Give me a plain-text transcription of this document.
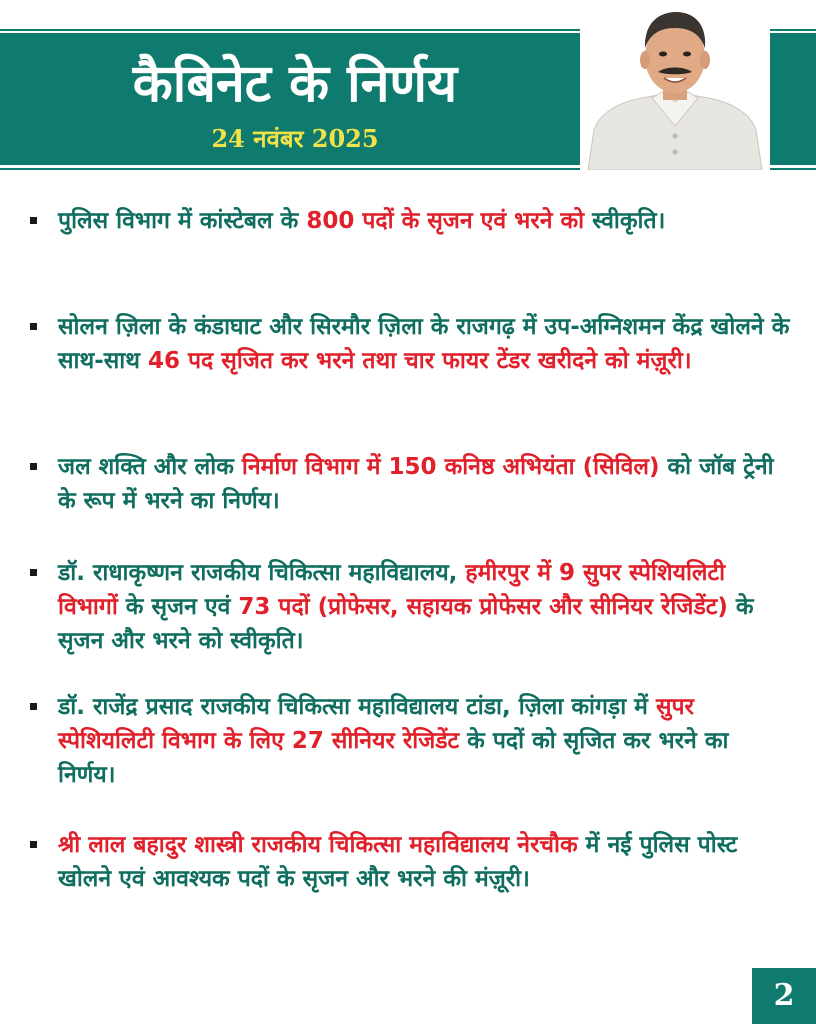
कैबिनेट के निर्णय
24 नवंबर 2025
पुलिस विभाग में कांस्टेबल के 800 पदों के सृजन एवं भरने को स्वीकृति।
सोलन ज़िला के कंडाघाट और सिरमौर ज़िला के राजगढ़ में उप-अग्निशमन केंद्र खोलने के साथ-साथ 46 पद सृजित कर भरने तथा चार फायर टेंडर खरीदने को मंज़ूरी।
जल शक्ति और लोक निर्माण विभाग में 150 कनिष्ठ अभियंता (सिविल) को जॉब ट्रेनी के रूप में भरने का निर्णय।
डॉ. राधाकृष्णन राजकीय चिकित्सा महाविद्यालय, हमीरपुर में 9 सुपर स्पेशियलिटी विभागों के सृजन एवं 73 पदों (प्रोफेसर, सहायक प्रोफेसर और सीनियर रेजिडेंट) के सृजन और भरने को स्वीकृति।
डॉ. राजेंद्र प्रसाद राजकीय चिकित्सा महाविद्यालय टांडा, ज़िला कांगड़ा में सुपर स्पेशियलिटी विभाग के लिए 27 सीनियर रेजिडेंट के पदों को सृजित कर भरने का निर्णय।
श्री लाल बहादुर शास्त्री राजकीय चिकित्सा महाविद्यालय नेरचौक में नई पुलिस पोस्ट खोलने एवं आवश्यक पदों के सृजन और भरने की मंज़ूरी।
2
